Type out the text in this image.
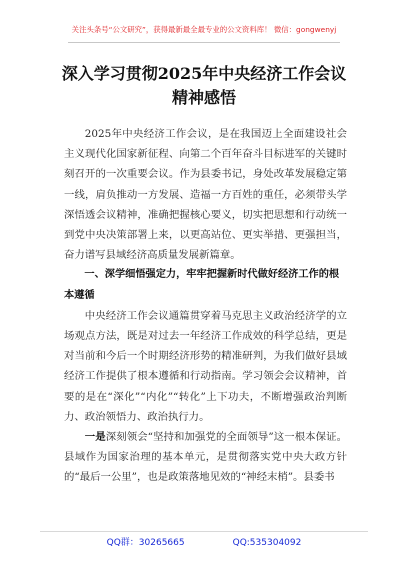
关注头条号“公文研究”，获得最新最全最专业的公文资料库！ 微信：gongwenyj
深入学习贯彻2025年中央经济工作会议
精神感悟

2025年中央经济工作会议，是在我国迈上全面建设社会主义现代化国家新征程、向第二个百年奋斗目标进军的关键时刻召开的一次重要会议。作为县委书记，身处改革发展稳定第一线，肩负推动一方发展、造福一方百姓的重任，必须带头学深悟透会议精神，准确把握核心要义，切实把思想和行动统一到党中央决策部署上来，以更高站位、更实举措、更强担当，奋力谱写县域经济高质量发展新篇章。

一、深学细悟强定力，牢牢把握新时代做好经济工作的根本遵循

中央经济工作会议通篇贯穿着马克思主义政治经济学的立场观点方法，既是对过去一年经济工作成效的科学总结，更是对当前和今后一个时期经济形势的精准研判，为我们做好县域经济工作提供了根本遵循和行动指南。学习领会会议精神，首要的是在“深化”“内化”“转化”上下功夫，不断增强政治判断力、政治领悟力、政治执行力。

一是深刻领会“坚持和加强党的全面领导”这一根本保证。县域作为国家治理的基本单元，是贯彻落实党中央大政方针的“最后一公里”，也是政策落地见效的“神经末梢”。县委书

QQ群：30265665	QQ:535304092
